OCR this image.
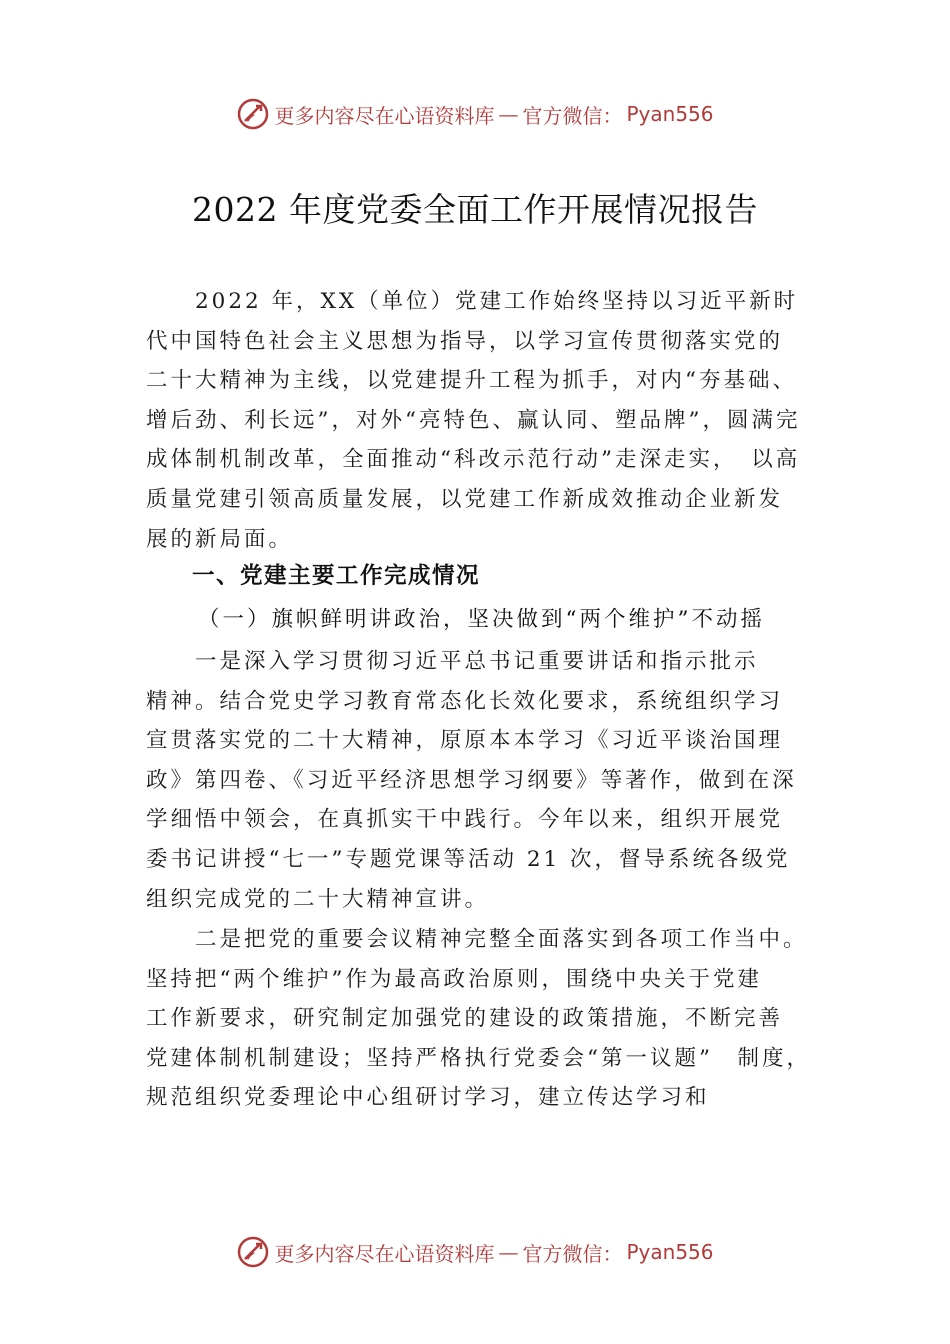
更多内容尽在心语资料库 — 官方微信： Pyan556
2022 年度党委全面工作开展情况报告
　　2022 年，XX（单位）党建工作始终坚持以习近平新时
代中国特色社会主义思想为指导，以学习宣传贯彻落实党的
二十大精神为主线，以党建提升工程为抓手，对内“夯基础、
增后劲、利长远”，对外“亮特色、赢认同、塑品牌”，圆满完
成体制机制改革，全面推动“科改示范行动”走深走实，　以高
质量党建引领高质量发展，以党建工作新成效推动企业新发
展的新局面。
一、党建主要工作完成情况
（一）旗帜鲜明讲政治，坚决做到“两个维护”不动摇
　　一是深入学习贯彻习近平总书记重要讲话和指示批示
精神。结合党史学习教育常态化长效化要求，系统组织学习
宣贯落实党的二十大精神，原原本本学习《习近平谈治国理
政》第四卷、《习近平经济思想学习纲要》等著作，做到在深
学细悟中领会，在真抓实干中践行。今年以来，组织开展党
委书记讲授“七一”专题党课等活动 21 次，督导系统各级党
组织完成党的二十大精神宣讲。
　　二是把党的重要会议精神完整全面落实到各项工作当中。
坚持把“两个维护”作为最高政治原则，围绕中央关于党建
工作新要求，研究制定加强党的建设的政策措施，不断完善
党建体制机制建设；坚持严格执行党委会“第一议题”　制度，
规范组织党委理论中心组研讨学习，建立传达学习和
更多内容尽在心语资料库 — 官方微信： Pyan556
